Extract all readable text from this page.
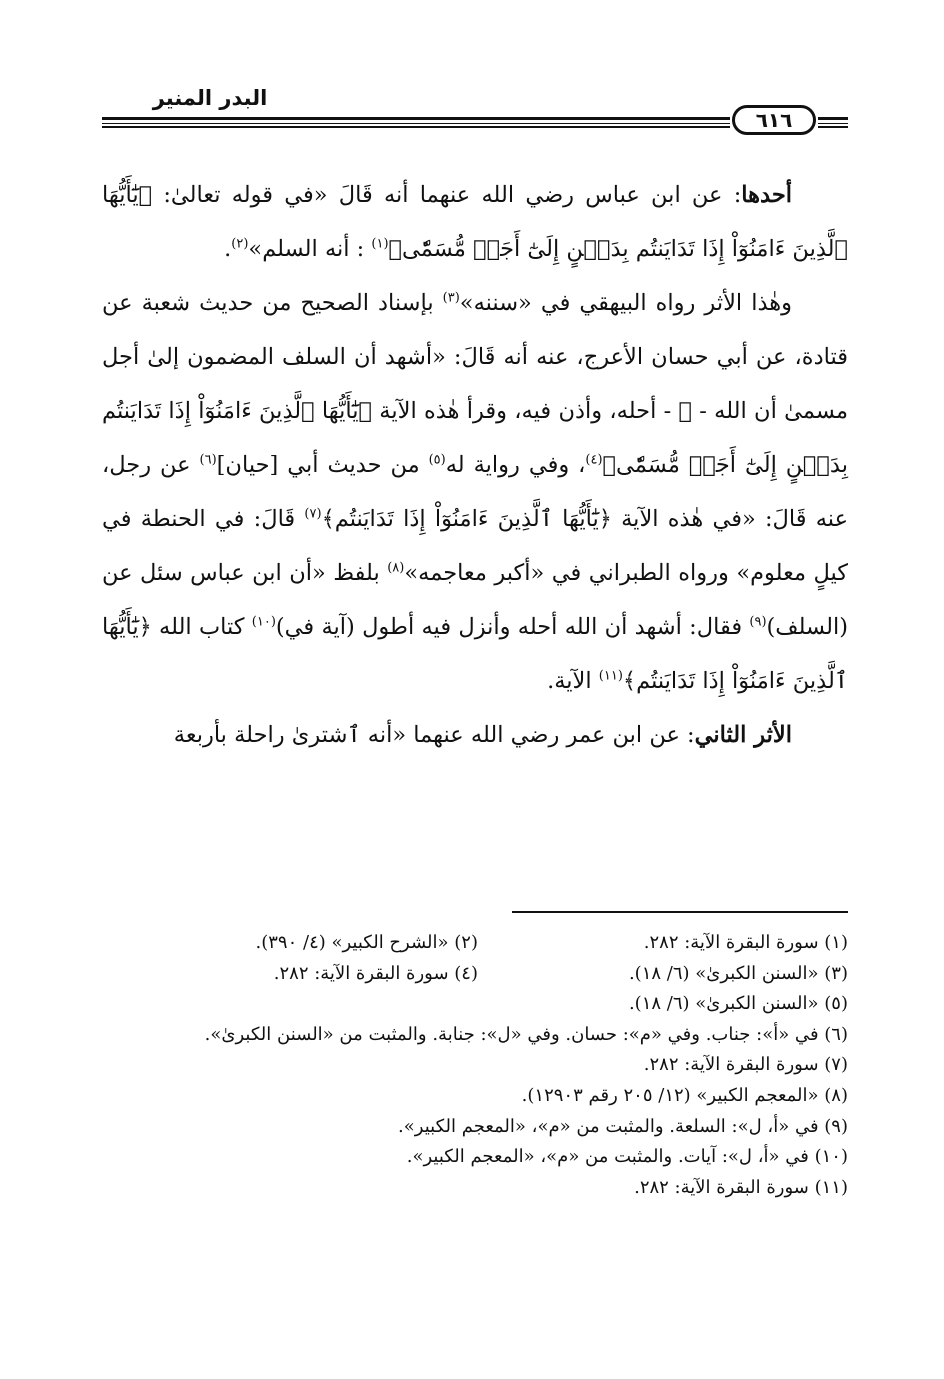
البدر المنير
٦١٦

أحدها: عن ابن عباس رضي الله عنهما أنه قَالَ «في قوله تعالىٰ: ﴿يَٰٓأَيُّهَا ٱلَّذِينَ ءَامَنُوٓاْ إِذَا تَدَايَنتُم بِدَيۡنٍ إِلَىٰٓ أَجَلٖ مُّسَمّٗى﴾$^{(١)}$ : أنه السلم»$^{(٢)}$.

وهٰذا الأثر رواه البيهقي في «سننه»$^{(٣)}$ بإسناد الصحيح من حديث شعبة عن قتادة، عن أبي حسان الأعرج، عنه أنه قَالَ: «أشهد أن السلف المضمون إلىٰ أجل مسمىٰ أن الله - ﷻ - أحله، وأذن فيه، وقرأ هٰذه الآية ﴿يَٰٓأَيُّهَا ٱلَّذِينَ ءَامَنُوٓاْ إِذَا تَدَايَنتُم بِدَيۡنٍ إِلَىٰٓ أَجَلٖ مُّسَمّٗى﴾$^{(٤)}$، وفي رواية له$^{(٥)}$ من حديث أبي [حيان]$^{(٦)}$ عن رجل، عنه قَالَ: «في هٰذه الآية ﴿يَٰٓأَيُّهَا ٱلَّذِينَ ءَامَنُوٓاْ إِذَا تَدَايَنتُم﴾$^{(٧)}$ قَالَ: في الحنطة في كيلٍ معلوم» ورواه الطبراني في «أكبر معاجمه»$^{(٨)}$ بلفظ «أن ابن عباس سئل عن (السلف)$^{(٩)}$ فقال: أشهد أن الله أحله وأنزل فيه أطول (آية في)$^{(١٠)}$ كتاب الله ﴿يَٰٓأَيُّهَا ٱلَّذِينَ ءَامَنُوٓاْ إِذَا تَدَايَنتُم﴾$^{(١١)}$ الآية.

الأثر الثاني: عن ابن عمر رضي الله عنهما «أنه ٱشترىٰ راحلة بأربعة

(١) سورة البقرة الآية: ٢٨٢.(٢) «الشرح الكبير» (٤/ ٣٩٠).
(٣) «السنن الكبرىٰ» (٦/ ١٨).(٤) سورة البقرة الآية: ٢٨٢.
(٥) «السنن الكبرىٰ» (٦/ ١٨).
(٦) في «أ»: جناب. وفي «م»: حسان. وفي «ل»: جنابة. والمثبت من «السنن الكبرىٰ».
(٧) سورة البقرة الآية: ٢٨٢.
(٨) «المعجم الكبير» (١٢/ ٢٠٥ رقم ١٢٩٠٣).
(٩) في «أ، ل»: السلعة. والمثبت من «م»، «المعجم الكبير».
(١٠) في «أ، ل»: آيات. والمثبت من «م»، «المعجم الكبير».
(١١) سورة البقرة الآية: ٢٨٢.
